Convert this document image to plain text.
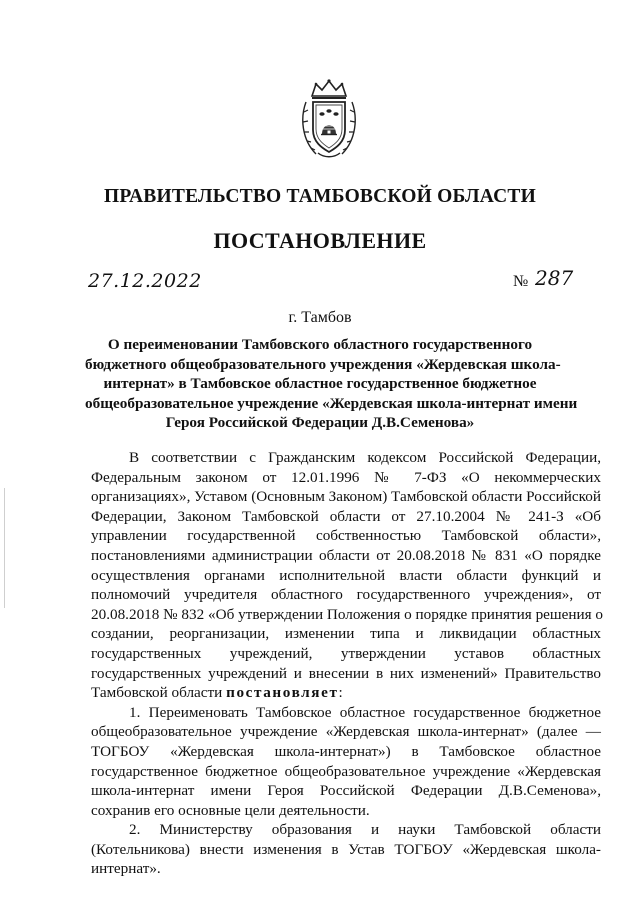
ПРАВИТЕЛЬСТВО ТАМБОВСКОЙ ОБЛАСТИ
ПОСТАНОВЛЕНИЕ
27.12.2022	№ 287
г. Тамбов
О переименовании Тамбовского областного государственного
бюджетного общеобразовательного учреждения «Жердевская школа-
интернат» в Тамбовское областное государственное бюджетное
общеобразовательное учреждение «Жердевская школа-интернат имени
Героя Российской Федерации Д.В.Семенова»
В соответствии с Гражданским кодексом Российской Федерации,
Федеральным законом от 12.01.1996 № 7-ФЗ «О некоммерческих
организациях», Уставом (Основным Законом) Тамбовской области Российской
Федерации, Законом Тамбовской области от 27.10.2004 № 241-З «Об
управлении государственной собственностью Тамбовской области»,
постановлениями администрации области от 20.08.2018 № 831 «О порядке
осуществления органами исполнительной власти области функций и
полномочий учредителя областного государственного учреждения», от
20.08.2018 № 832 «Об утверждении Положения о порядке принятия решения о
создании, реорганизации, изменении типа и ликвидации областных
государственных учреждений, утверждении уставов областных
государственных учреждений и внесении в них изменений» Правительство
Тамбовской области постановляет:
1. Переименовать Тамбовское областное государственное бюджетное
общеобразовательное учреждение «Жердевская школа-интернат» (далее —
ТОГБОУ «Жердевская школа-интернат») в Тамбовское областное
государственное бюджетное общеобразовательное учреждение «Жердевская
школа-интернат имени Героя Российской Федерации Д.В.Семенова»,
сохранив его основные цели деятельности.
2. Министерству образования и науки Тамбовской области
(Котельникова) внести изменения в Устав ТОГБОУ «Жердевская школа-
интернат».
